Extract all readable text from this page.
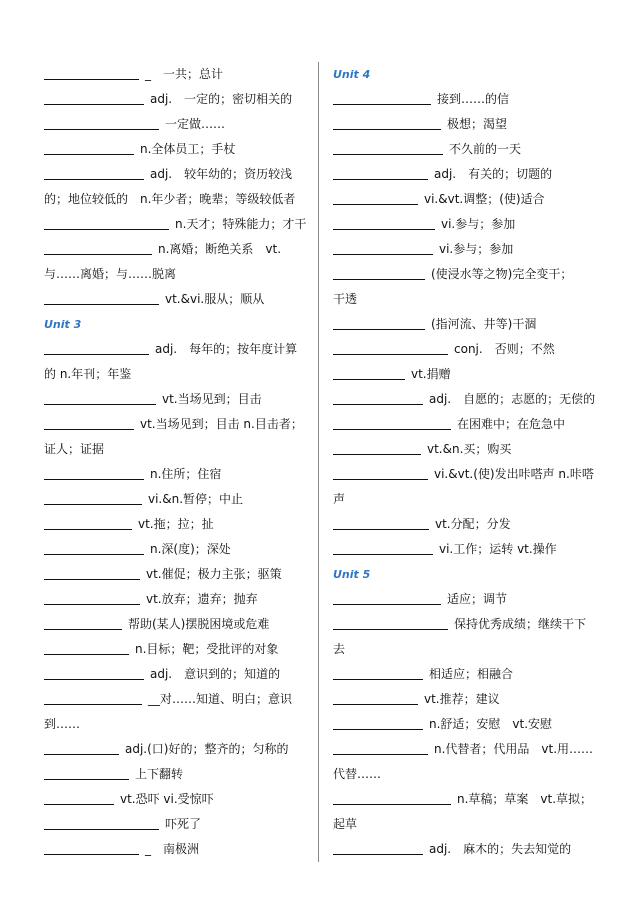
_　一共；总计
adj.　一定的；密切相关的
一定做……
n.全体员工；手杖
adj.　较年幼的；资历较浅
的；地位较低的　n.年少者；晚辈；等级较低者
n.天才；特殊能力；才干
n.离婚；断绝关系　vt.
与……离婚；与……脱离
vt.&vi.服从；顺从
Unit 3
adj.　每年的；按年度计算
的 n.年刊；年鉴
vt.当场见到；目击
vt.当场见到；目击 n.目击者；
证人；证据
n.住所；住宿
vi.&n.暂停；中止
vt.拖；拉；扯
n.深(度)；深处
vt.催促；极力主张；驱策
vt.放弃；遗弃；抛弃
帮助(某人)摆脱困境或危难
n.目标；靶；受批评的对象
adj.　意识到的；知道的
__对……知道、明白；意识
到……
adj.(口)好的；整齐的；匀称的
上下翻转
vt.恐吓 vi.受惊吓
吓死了
_　南极洲
Unit 4
接到……的信
极想；渴望
不久前的一天
adj.　有关的；切题的
vi.&vt.调整；(使)适合
vi.参与；参加
vi.参与；参加
(使浸水等之物)完全变干；
干透
(指河流、井等)干涸
conj.　否则；不然
vt.捐赠
adj.　自愿的；志愿的；无偿的
在困难中；在危急中
vt.&n.买；购买
vi.&vt.(使)发出咔嗒声 n.咔嗒
声
vt.分配；分发
vi.工作；运转 vt.操作
Unit 5
适应；调节
保持优秀成绩；继续干下
去
相适应；相融合
vt.推荐；建议
n.舒适；安慰　vt.安慰
n.代替者；代用品　vt.用……
代替……
n.草稿；草案　vt.草拟；
起草
adj.　麻木的；失去知觉的
